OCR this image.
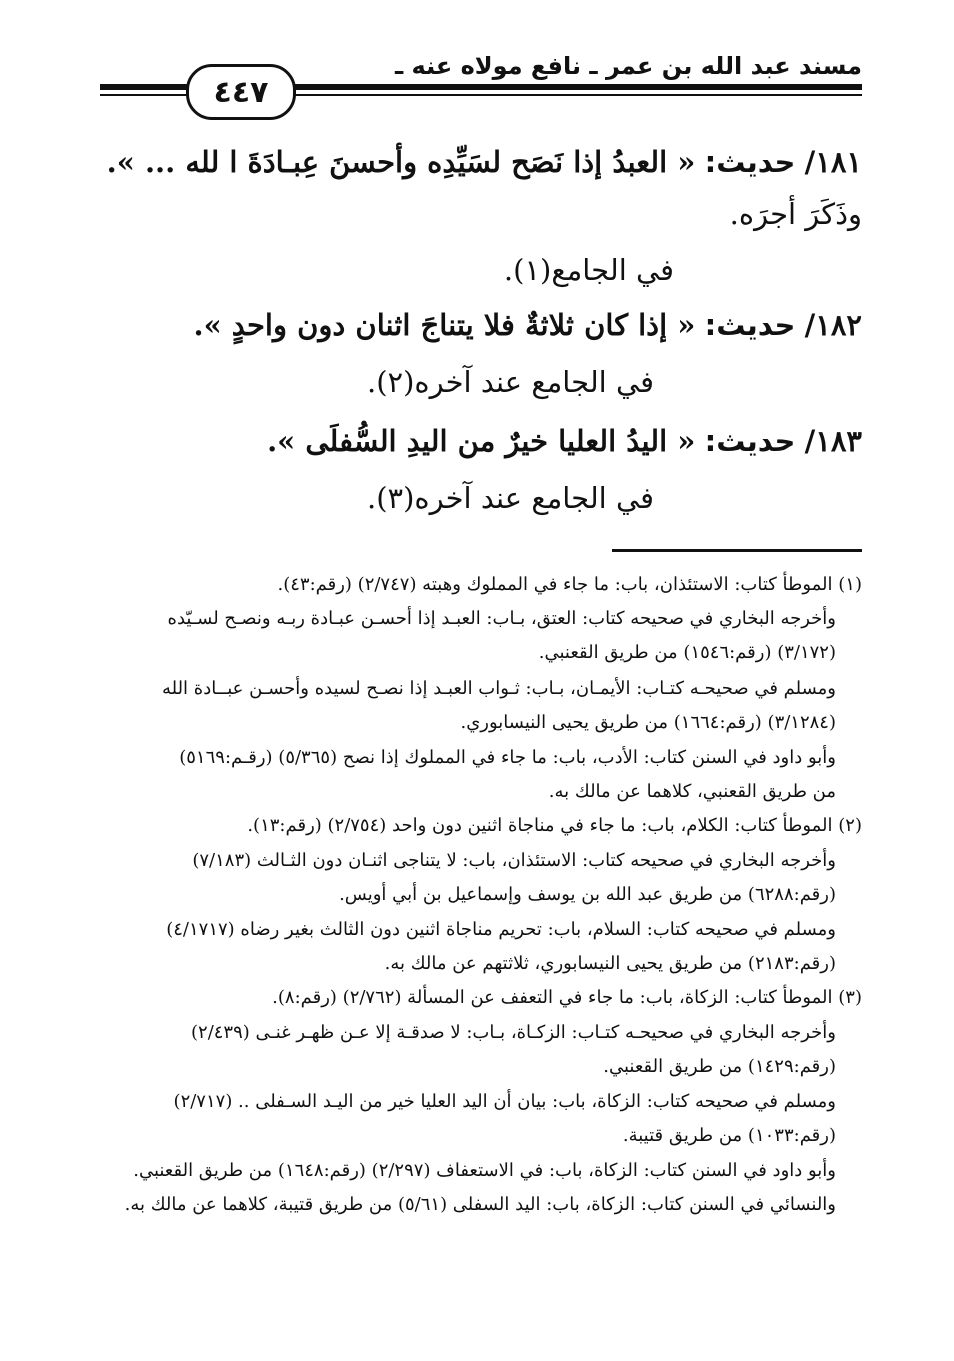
مسند عبد الله بن عمر ـ نافع مولاه عنه ـ
٤٤٧
١٨١/ حديث: « العبدُ إذا نَصَح لسَيِّدِه وأحسنَ عِبـادَةَ ا لله ... ».
وذَكَرَ أجرَه.
في الجامع(١).
١٨٢/ حديث: « إذا كان ثلاثةٌ فلا يتناجَ اثنان دون واحدٍ ».
في الجامع عند آخره(٢).
١٨٣/ حديث: « اليدُ العليا خيرٌ من اليدِ السُّفلَى ».
في الجامع عند آخره(٣).
(١) الموطأ كتاب: الاستئذان، باب: ما جاء في المملوك وهبته (٢/٧٤٧) (رقم:٤٣).
وأخرجه البخاري في صحيحه كتاب: العتق، بـاب: العبـد إذا أحسـن عبـادة ربـه ونصـح لسـيّده
(٣/١٧٢) (رقم:١٥٤٦) من طريق القعنبي.
ومسلم في صحيحـه كتـاب: الأيمـان، بـاب: ثـواب العبـد إذا نصـح لسيده وأحسـن عبــادة الله
(٣/١٢٨٤) (رقم:١٦٦٤) من طريق يحيى النيسابوري.
وأبو داود في السنن كتاب: الأدب، باب: ما جاء في المملوك إذا نصح (٥/٣٦٥) (رقـم:٥١٦٩)
من طريق القعنبي، كلاهما عن مالك به.
(٢) الموطأ كتاب: الكلام، باب: ما جاء في مناجاة اثنين دون واحد (٢/٧٥٤) (رقم:١٣).
وأخرجه البخاري في صحيحه كتاب: الاستئذان، باب: لا يتناجى اثنـان دون الثـالث (٧/١٨٣)
(رقم:٦٢٨٨) من طريق عبد الله بن يوسف وإسماعيل بن أبي أويس.
ومسلم في صحيحه كتاب: السلام، باب: تحريم مناجاة اثنين دون الثالث بغير رضاه (٤/١٧١٧)
(رقم:٢١٨٣) من طريق يحيى النيسابوري، ثلاثتهم عن مالك به.
(٣) الموطأ كتاب: الزكاة، باب: ما جاء في التعفف عن المسألة (٢/٧٦٢) (رقم:٨).
وأخرجه البخاري في صحيحـه كتـاب: الزكـاة، بـاب: لا صدقـة إلا عـن ظهـر غنـى (٢/٤٣٩)
(رقم:١٤٢٩) من طريق القعنبي.
ومسلم في صحيحه كتاب: الزكاة، باب: بيان أن اليد العليا خير من اليـد السـفلى .. (٢/٧١٧)
(رقم:١٠٣٣) من طريق قتيبة.
وأبو داود في السنن كتاب: الزكاة، باب: في الاستعفاف (٢/٢٩٧) (رقم:١٦٤٨) من طريق القعنبي.
والنسائي في السنن كتاب: الزكاة، باب: اليد السفلى (٥/٦١) من طريق قتيبة، كلاهما عن مالك به.
